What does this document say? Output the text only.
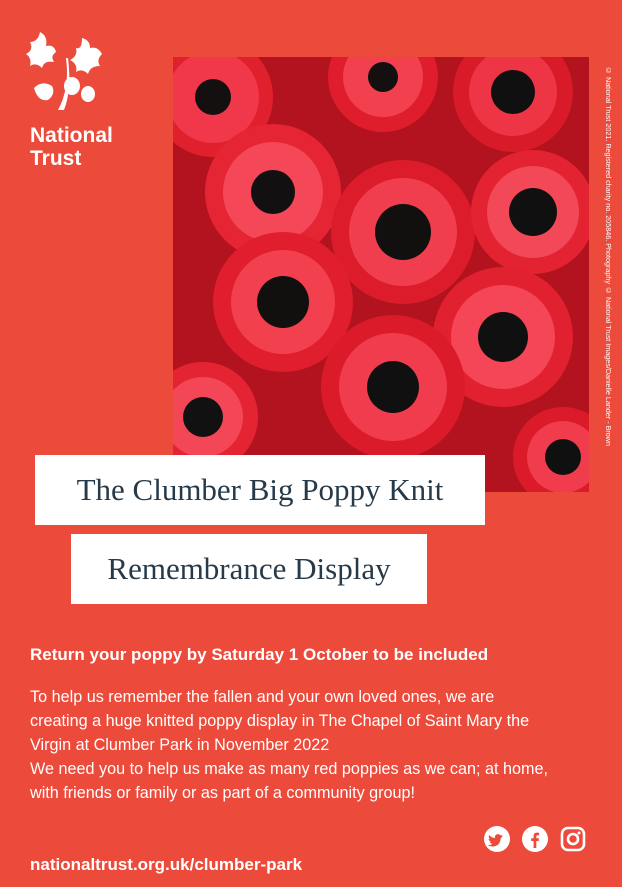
National
Trust	© National Trust 2021. Registered charity no. 205846. Photography © National Trust Images/Danielle Lander - Brown
The Clumber Big Poppy Knit
Remembrance Display
Return your poppy by Saturday 1 October to be included
To help us remember the fallen and your own loved ones, we are creating a huge knitted poppy display in The Chapel of Saint Mary the Virgin at Clumber Park in November 2022
We need you to help us make as many red poppies as we can; at home, with friends or family or as part of a community group!
nationaltrust.org.uk/clumber-park
